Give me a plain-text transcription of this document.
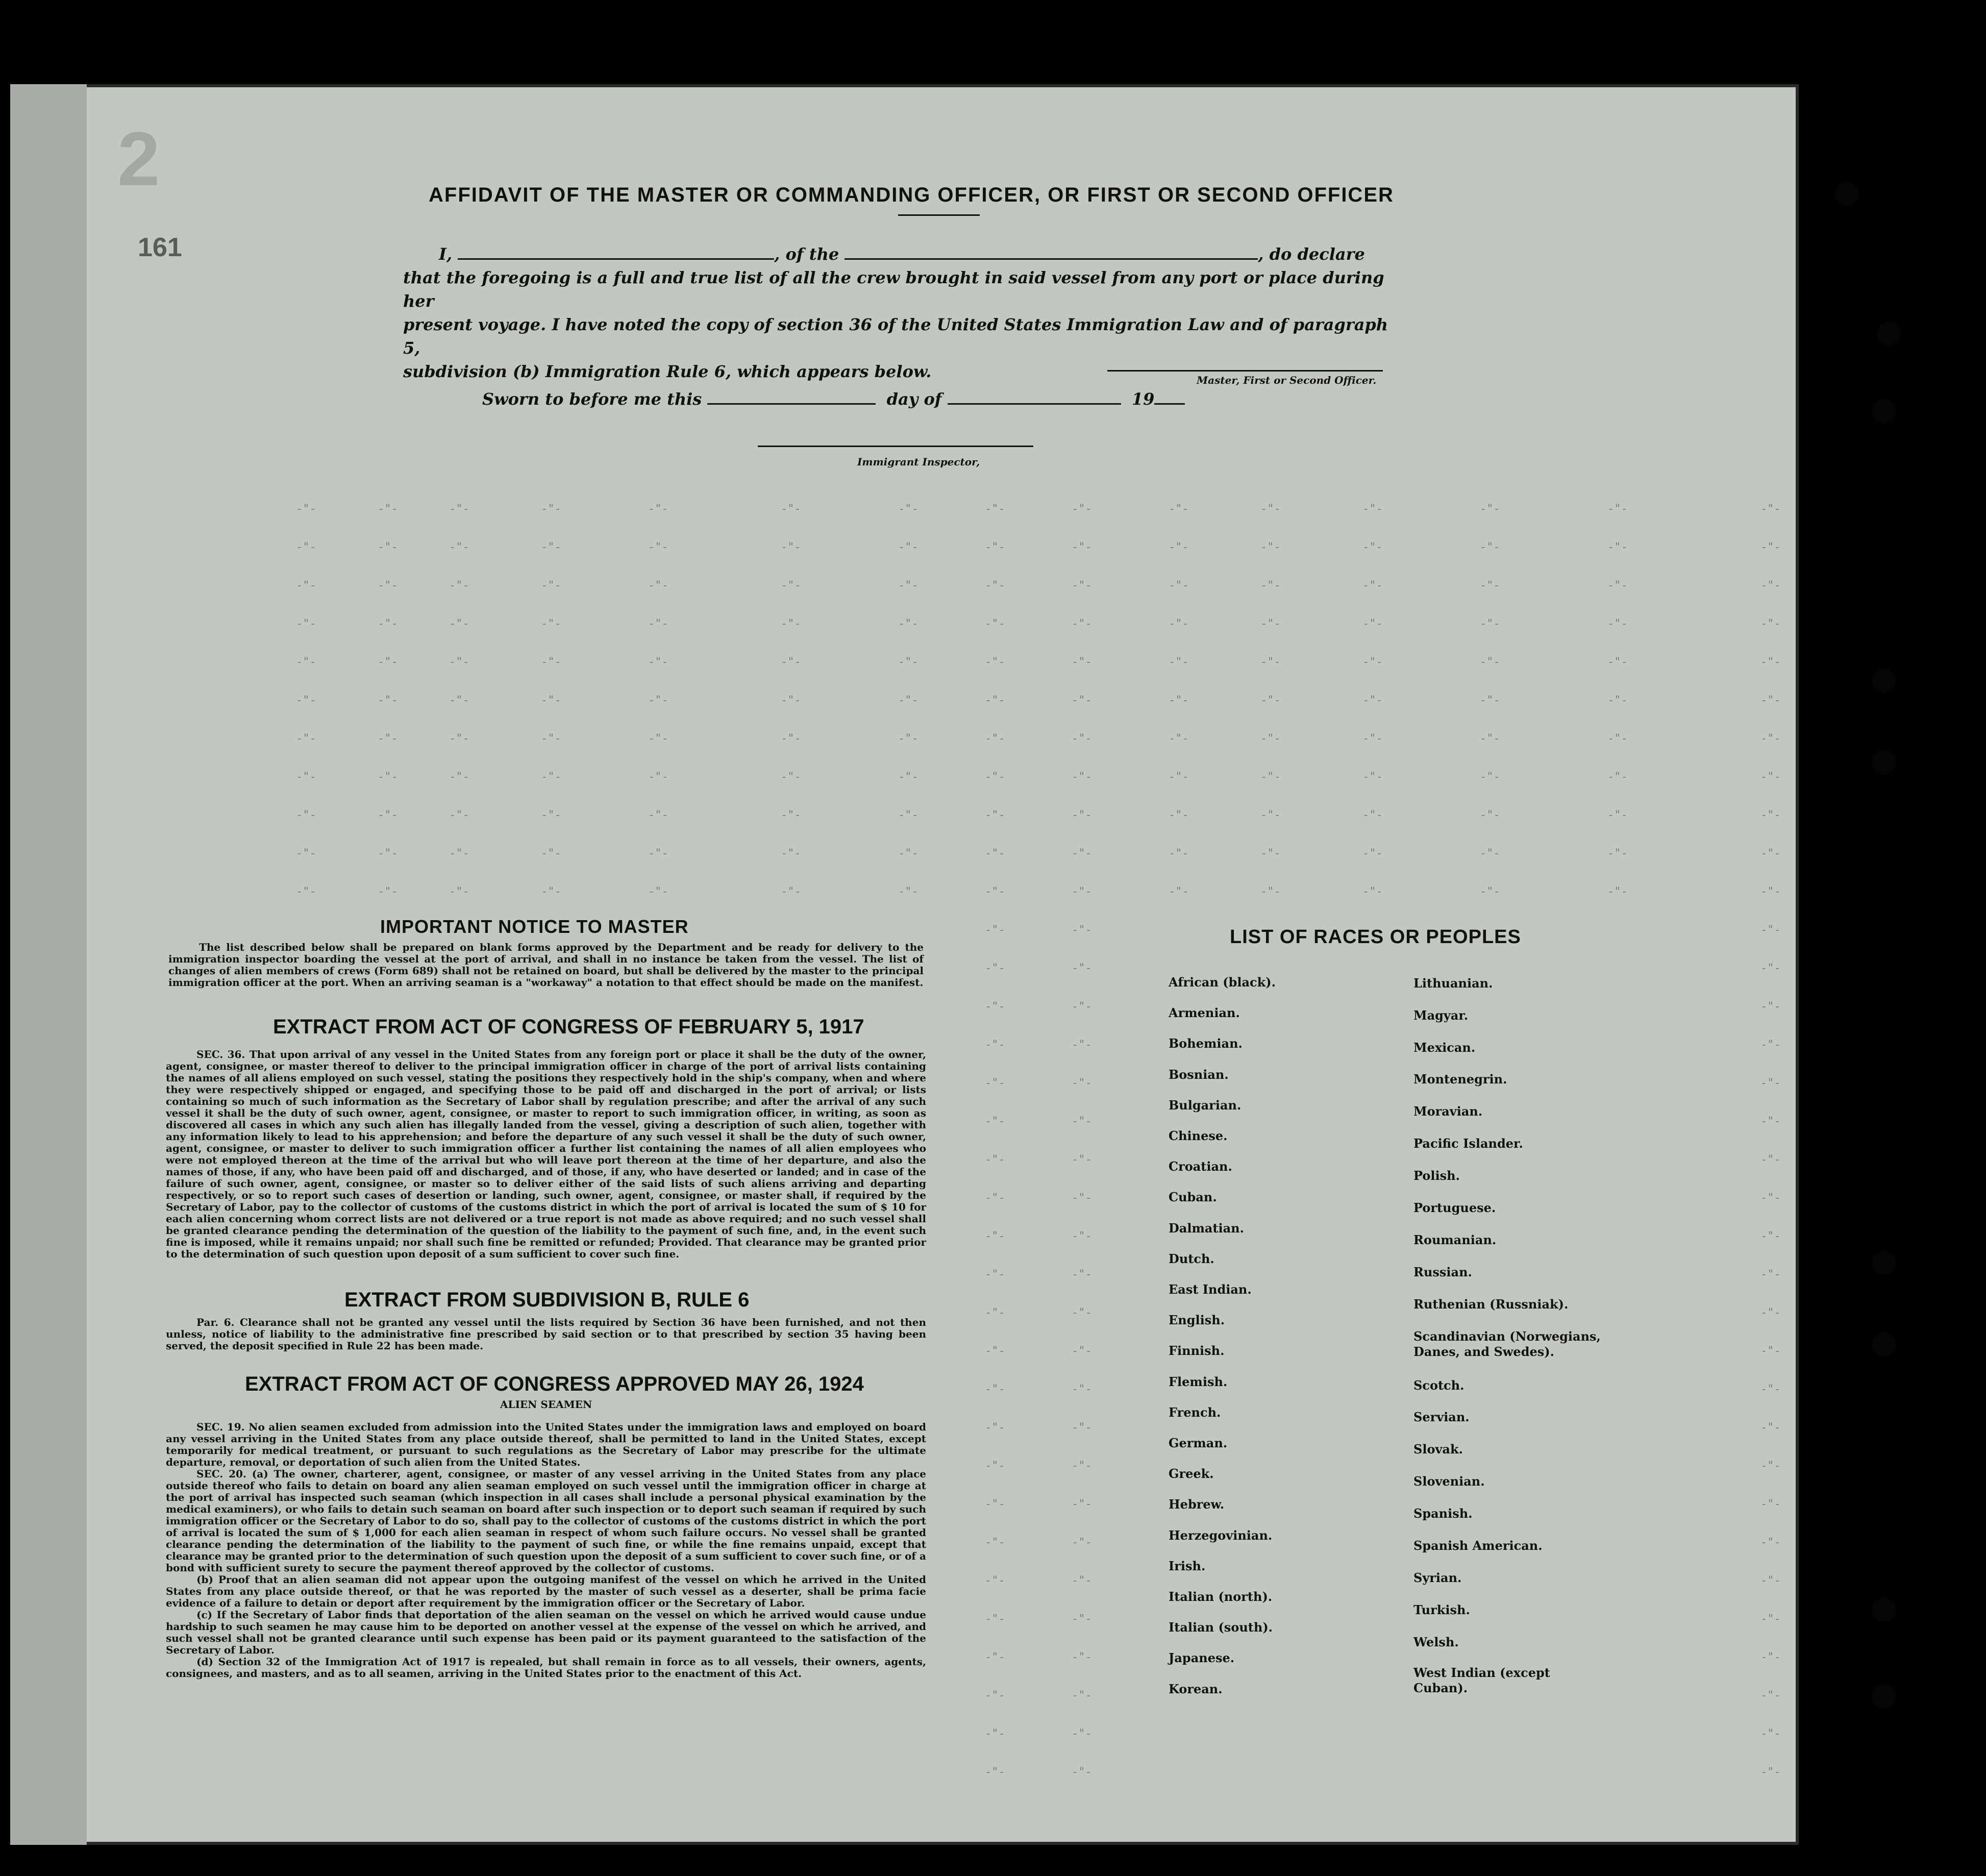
2
161
AFFIDAVIT OF THE MASTER OR COMMANDING OFFICER, OR FIRST OR SECOND OFFICER
I,	, of the	, do declare
that the foregoing is a full and true list of all the crew brought in said vessel from any port or place during her
present voyage. I have noted the copy of section 36 of the United States Immigration Law and of paragraph 5,
subdivision (b) Immigration Rule 6, which appears below.	Master, First or Second Officer.
Sworn to before me this	day of	19
Immigrant Inspector,
-"-	-"-	-"-	-"-	-"-	-"-	-"-	-"-	-"-	-"-	-"-	-"-	-"-	-"-	-"-
-"-	-"-	-"-	-"-	-"-	-"-	-"-	-"-	-"-	-"-	-"-	-"-	-"-	-"-	-"-
-"-	-"-	-"-	-"-	-"-	-"-	-"-	-"-	-"-	-"-	-"-	-"-	-"-	-"-	-"-
-"-	-"-	-"-	-"-	-"-	-"-	-"-	-"-	-"-	-"-	-"-	-"-	-"-	-"-	-"-
-"-	-"-	-"-	-"-	-"-	-"-	-"-	-"-	-"-	-"-	-"-	-"-	-"-	-"-	-"-
-"-	-"-	-"-	-"-	-"-	-"-	-"-	-"-	-"-	-"-	-"-	-"-	-"-	-"-	-"-
-"-	-"-	-"-	-"-	-"-	-"-	-"-	-"-	-"-	-"-	-"-	-"-	-"-	-"-	-"-
-"-	-"-	-"-	-"-	-"-	-"-	-"-	-"-	-"-	-"-	-"-	-"-	-"-	-"-	-"-
-"-	-"-	-"-	-"-	-"-	-"-	-"-	-"-	-"-	-"-	-"-	-"-	-"-	-"-	-"-
-"-	-"-	-"-	-"-	-"-	-"-	-"-	-"-	-"-	-"-	-"-	-"-	-"-	-"-	-"-
-"-	-"-	-"-	-"-	-"-	-"-	-"-	-"-	-"-	-"-	-"-	-"-	-"-	-"-	-"-
-"-	-"-	-"-
-"-	-"-	-"-
-"-	-"-	-"-
-"-	-"-	-"-
-"-	-"-	-"-
-"-	-"-	-"-
-"-	-"-	-"-
-"-	-"-	-"-
-"-	-"-	-"-
-"-	-"-	-"-
-"-	-"-	-"-
-"-	-"-	-"-
-"-	-"-	-"-
-"-	-"-	-"-
-"-	-"-	-"-
-"-	-"-	-"-
-"-	-"-	-"-
-"-	-"-	-"-
-"-	-"-	-"-
-"-	-"-	-"-
-"-	-"-	-"-
-"-	-"-	-"-
-"-	-"-	-"-
IMPORTANT NOTICE TO MASTER

The list described below shall be prepared on blank forms approved by the Department and be ready for delivery to the immigration inspector boarding the vessel at the port of arrival, and shall in no instance be taken from the vessel. The list of changes of alien members of crews (Form 689) shall not be retained on board, but shall be delivered by the master to the principal immigration officer at the port. When an arriving seaman is a "workaway" a notation to that effect should be made on the manifest.

EXTRACT FROM ACT OF CONGRESS OF FEBRUARY 5, 1917

SEC. 36. That upon arrival of any vessel in the United States from any foreign port or place it shall be the duty of the owner, agent, consignee, or master thereof to deliver to the principal immigration officer in charge of the port of arrival lists containing the names of all aliens employed on such vessel, stating the positions they respectively hold in the ship's company, when and where they were respectively shipped or engaged, and specifying those to be paid off and discharged in the port of arrival; or lists containing so much of such information as the Secretary of Labor shall by regulation prescribe; and after the arrival of any such vessel it shall be the duty of such owner, agent, consignee, or master to report to such immigration officer, in writing, as soon as discovered all cases in which any such alien has illegally landed from the vessel, giving a description of such alien, together with any information likely to lead to his apprehension; and before the departure of any such vessel it shall be the duty of such owner, agent, consignee, or master to deliver to such immigration officer a further list containing the names of all alien employees who were not employed thereon at the time of the arrival but who will leave port thereon at the time of her departure, and also the names of those, if any, who have been paid off and discharged, and of those, if any, who have deserted or landed; and in case of the failure of such owner, agent, consignee, or master so to deliver either of the said lists of such aliens arriving and departing respectively, or so to report such cases of desertion or landing, such owner, agent, consignee, or master shall, if required by the Secretary of Labor, pay to the collector of customs of the customs district in which the port of arrival is located the sum of $ 10 for each alien concerning whom correct lists are not delivered or a true report is not made as above required; and no such vessel shall be granted clearance pending the determination of the question of the liability to the payment of such fine, and, in the event such fine is imposed, while it remains unpaid; nor shall such fine be remitted or refunded; Provided. That clearance may be granted prior to the determination of such question upon deposit of a sum sufficient to cover such fine.

EXTRACT FROM SUBDIVISION B, RULE 6

Par. 6. Clearance shall not be granted any vessel until the lists required by Section 36 have been furnished, and not then unless, notice of liability to the administrative fine prescribed by said section or to that prescribed by section 35 having been served, the deposit specified in Rule 22 has been made.

EXTRACT FROM ACT OF CONGRESS APPROVED MAY 26, 1924
ALIEN SEAMEN

SEC. 19. No alien seamen excluded from admission into the United States under the immigration laws and employed on board any vessel arriving in the United States from any place outside thereof, shall be permitted to land in the United States, except temporarily for medical treatment, or pursuant to such regulations as the Secretary of Labor may prescribe for the ultimate departure, removal, or deportation of such alien from the United States.

SEC. 20. (a) The owner, charterer, agent, consignee, or master of any vessel arriving in the United States from any place outside thereof who fails to detain on board any alien seaman employed on such vessel until the immigration officer in charge at the port of arrival has inspected such seaman (which inspection in all cases shall include a personal physical examination by the medical examiners), or who fails to detain such seaman on board after such inspection or to deport such seaman if required by such immigration officer or the Secretary of Labor to do so, shall pay to the collector of customs of the customs district in which the port of arrival is located the sum of $ 1,000 for each alien seaman in respect of whom such failure occurs. No vessel shall be granted clearance pending the determination of the liability to the payment of such fine, or while the fine remains unpaid, except that clearance may be granted prior to the determination of such question upon the deposit of a sum sufficient to cover such fine, or of a bond with sufficient surety to secure the payment thereof approved by the collector of customs.

(b) Proof that an alien seaman did not appear upon the outgoing manifest of the vessel on which he arrived in the United States from any place outside thereof, or that he was reported by the master of such vessel as a deserter, shall be prima facie evidence of a failure to detain or deport after requirement by the immigration officer or the Secretary of Labor.

(c) If the Secretary of Labor finds that deportation of the alien seaman on the vessel on which he arrived would cause undue hardship to such seamen he may cause him to be deported on another vessel at the expense of the vessel on which he arrived, and such vessel shall not be granted clearance until such expense has been paid or its payment guaranteed to the satisfaction of the Secretary of Labor.

(d) Section 32 of the Immigration Act of 1917 is repealed, but shall remain in force as to all vessels, their owners, agents, consignees, and masters, and as to all seamen, arriving in the United States prior to the enactment of this Act.

LIST OF RACES OR PEOPLES
African (black).
Armenian.
Bohemian.
Bosnian.
Bulgarian.
Chinese.
Croatian.
Cuban.
Dalmatian.
Dutch.
East Indian.
English.
Finnish.
Flemish.
French.
German.
Greek.
Hebrew.
Herzegovinian.
Irish.
Italian (north).
Italian (south).
Japanese.
Korean.
Lithuanian.
Magyar.
Mexican.
Montenegrin.
Moravian.
Pacific Islander.
Polish.
Portuguese.
Roumanian.
Russian.
Ruthenian (Russniak).
Scandinavian (Norwegians, Danes, and Swedes).
Scotch.
Servian.
Slovak.
Slovenian.
Spanish.
Spanish American.
Syrian.
Turkish.
Welsh.
West Indian (except Cuban).
